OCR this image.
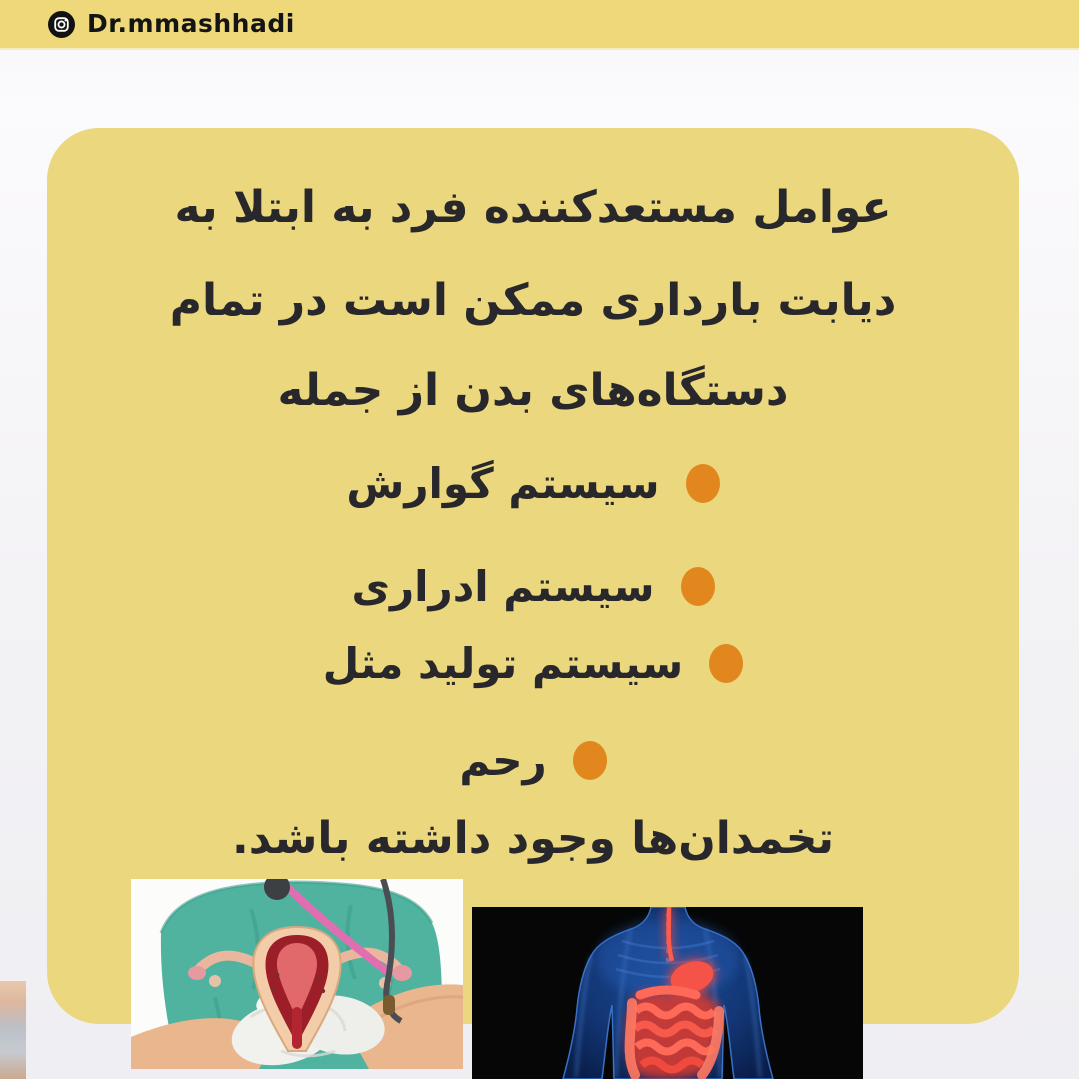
Dr.mmashhadi
عوامل مستعدکننده فرد به ابتلا به
دیابت بارداری ممکن است در تمام
دستگاه‌های بدن از جمله
سیستم گوارش
سیستم ادراری
سیستم تولید مثل
رحم
تخمدان‌ها وجود داشته باشد.
